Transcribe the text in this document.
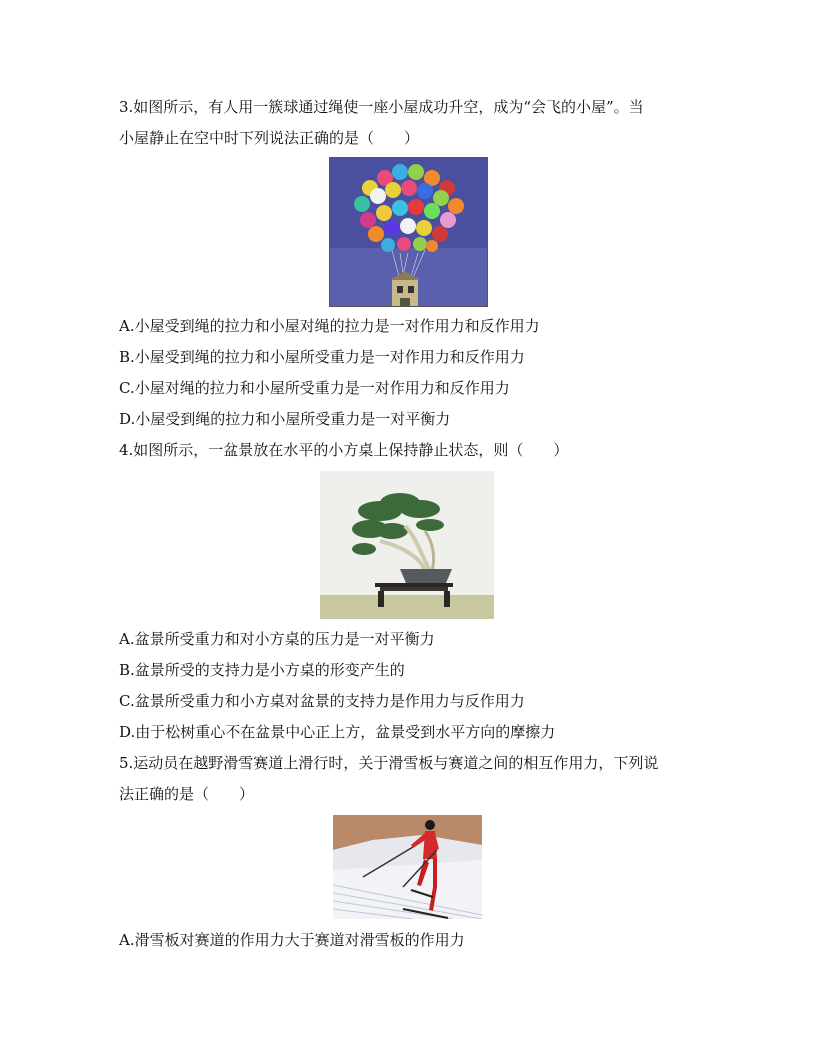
3.如图所示，有人用一簇球通过绳使一座小屋成功升空，成为“会飞的小屋”。当
小屋静止在空中时下列说法正确的是（　　）
A.小屋受到绳的拉力和小屋对绳的拉力是一对作用力和反作用力
B.小屋受到绳的拉力和小屋所受重力是一对作用力和反作用力
C.小屋对绳的拉力和小屋所受重力是一对作用力和反作用力
D.小屋受到绳的拉力和小屋所受重力是一对平衡力
4.如图所示，一盆景放在水平的小方桌上保持静止状态，则（　　）
A.盆景所受重力和对小方桌的压力是一对平衡力
B.盆景所受的支持力是小方桌的形变产生的
C.盆景所受重力和小方桌对盆景的支持力是作用力与反作用力
D.由于松树重心不在盆景中心正上方，盆景受到水平方向的摩擦力
5.运动员在越野滑雪赛道上滑行时，关于滑雪板与赛道之间的相互作用力，下列说
法正确的是（　　）
A.滑雪板对赛道的作用力大于赛道对滑雪板的作用力
